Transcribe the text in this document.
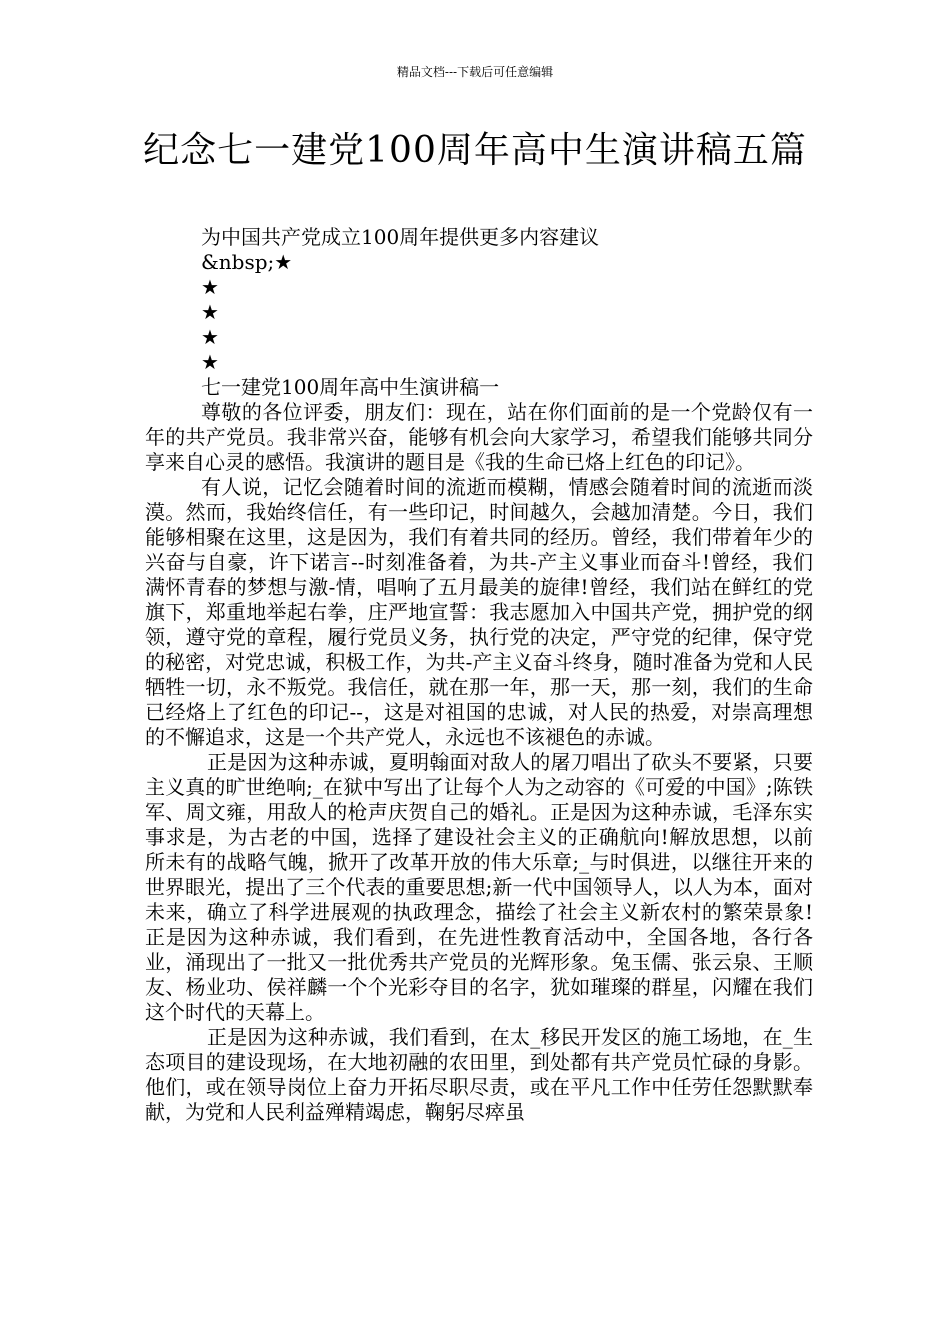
精品文档---下载后可任意编辑
纪念七一建党100周年高中生演讲稿五篇
为中国共产党成立100周年提供更多内容建议
&nbsp;★
★
★
★
★
七一建党100周年高中生演讲稿一

尊敬的各位评委，朋友们：现在，站在你们面前的是一个党龄仅有一年的共产党员。我非常兴奋，能够有机会向大家学习，希望我们能够共同分享来自心灵的感悟。我演讲的题目是《我的生命已烙上红色的印记》。

有人说，记忆会随着时间的流逝而模糊，情感会随着时间的流逝而淡漠。然而，我始终信任，有一些印记，时间越久，会越加清楚。今日，我们能够相聚在这里，这是因为，我们有着共同的经历。曾经，我们带着年少的兴奋与自豪，许下诺言--时刻准备着，为共-产主义事业而奋斗!曾经，我们满怀青春的梦想与激-情，唱响了五月最美的旋律!曾经，我们站在鲜红的党旗下，郑重地举起右拳，庄严地宣誓：我志愿加入中国共产党，拥护党的纲领，遵守党的章程，履行党员义务，执行党的决定，严守党的纪律，保守党的秘密，对党忠诚，积极工作，为共-产主义奋斗终身，随时准备为党和人民牺牲一切，永不叛党。我信任，就在那一年，那一天，那一刻，我们的生命已经烙上了红色的印记--，这是对祖国的忠诚，对人民的热爱，对崇高理想的不懈追求，这是一个共产党人，永远也不该褪色的赤诚。

正是因为这种赤诚，夏明翰面对敌人的屠刀唱出了砍头不要紧，只要主义真的旷世绝响;_在狱中写出了让每个人为之动容的《可爱的中国》;陈铁军、周文雍，用敌人的枪声庆贺自己的婚礼。正是因为这种赤诚，毛泽东实事求是，为古老的中国，选择了建设社会主义的正确航向!解放思想，以前所未有的战略气魄，掀开了改革开放的伟大乐章;_与时俱进，以继往开来的世界眼光，提出了三个代表的重要思想;新一代中国领导人，以人为本，面对未来，确立了科学进展观的执政理念，描绘了社会主义新农村的繁荣景象!正是因为这种赤诚，我们看到，在先进性教育活动中，全国各地，各行各业，涌现出了一批又一批优秀共产党员的光辉形象。兔玉儒、张云泉、王顺友、杨业功、侯祥麟一个个光彩夺目的名字，犹如璀璨的群星，闪耀在我们这个时代的天幕上。

正是因为这种赤诚，我们看到，在太_移民开发区的施工场地，在_生态项目的建设现场，在大地初融的农田里，到处都有共产党员忙碌的身影。他们，或在领导岗位上奋力开拓尽职尽责，或在平凡工作中任劳任怨默默奉献，为党和人民利益殚精竭虑，鞠躬尽瘁虽
